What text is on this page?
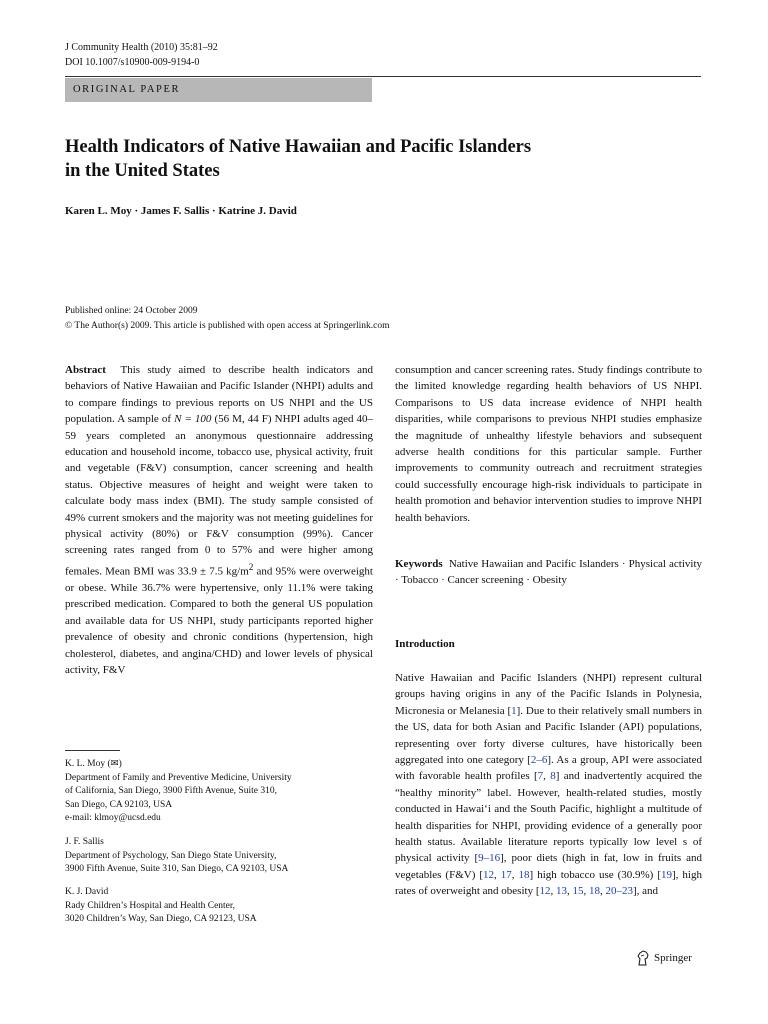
J Community Health (2010) 35:81–92
DOI 10.1007/s10900-009-9194-0
ORIGINAL PAPER
Health Indicators of Native Hawaiian and Pacific Islanders
in the United States
Karen L. Moy · James F. Sallis · Katrine J. David
Published online: 24 October 2009
© The Author(s) 2009. This article is published with open access at Springerlink.com

Abstract This study aimed to describe health indicators and behaviors of Native Hawaiian and Pacific Islander (NHPI) adults and to compare findings to previous reports on US NHPI and the US population. A sample of N = 100 (56 M, 44 F) NHPI adults aged 40–59 years completed an anonymous questionnaire addressing education and household income, tobacco use, physical activity, fruit and vegetable (F&V) consumption, cancer screening and health status. Objective measures of height and weight were taken to calculate body mass index (BMI). The study sample consisted of 49% current smokers and the majority was not meeting guidelines for physical activity (80%) or F&V consumption (99%). Cancer screening rates ranged from 0 to 57% and were higher among females. Mean BMI was 33.9 ± 7.5 $kg/m^2$ and 95% were overweight or obese. While 36.7% were hypertensive, only 11.1% were taking prescribed medication. Compared to both the general US population and available data for US NHPI, study participants reported higher prevalence of obesity and chronic conditions (hypertension, high cholesterol, diabetes, and angina/CHD) and lower levels of physical activity, F&V

consumption and cancer screening rates. Study findings contribute to the limited knowledge regarding health behaviors of US NHPI. Comparisons to US data increase evidence of NHPI health disparities, while comparisons to previous NHPI studies emphasize the magnitude of unhealthy lifestyle behaviors and subsequent adverse health conditions for this particular sample. Further improvements to community outreach and recruitment strategies could successfully encourage high-risk individuals to participate in health promotion and behavior intervention studies to improve NHPI health behaviors.

Keywords Native Hawaiian and Pacific Islanders · Physical activity · Tobacco · Cancer screening · Obesity
Introduction

Native Hawaiian and Pacific Islanders (NHPI) represent cultural groups having origins in any of the Pacific Islands in Polynesia, Micronesia or Melanesia [1]. Due to their relatively small numbers in the US, data for both Asian and Pacific Islander (API) populations, representing over forty diverse cultures, have historically been aggregated into one category [2–6]. As a group, API were associated with favorable health profiles [7, 8] and inadvertently acquired the “healthy minority” label. However, health-related studies, mostly conducted in Hawai‘i and the South Pacific, highlight a multitude of health disparities for NHPI, providing evidence of a generally poor health status. Available literature reports typically low level s of physical activity [9–16], poor diets (high in fat, low in fruits and vegetables (F&V) [12, 17, 18] high tobacco use (30.9%) [19], high rates of overweight and obesity [12, 13, 15, 18, 20–23], and

K. L. Moy (✉)
Department of Family and Preventive Medicine, University
of California, San Diego, 3900 Fifth Avenue, Suite 310,
San Diego, CA 92103, USA
e-mail: klmoy@ucsd.edu
J. F. Sallis
Department of Psychology, San Diego State University,
3900 Fifth Avenue, Suite 310, San Diego, CA 92103, USA
K. J. David
Rady Children’s Hospital and Health Center,
3020 Children’s Way, San Diego, CA 92123, USA
Springer
